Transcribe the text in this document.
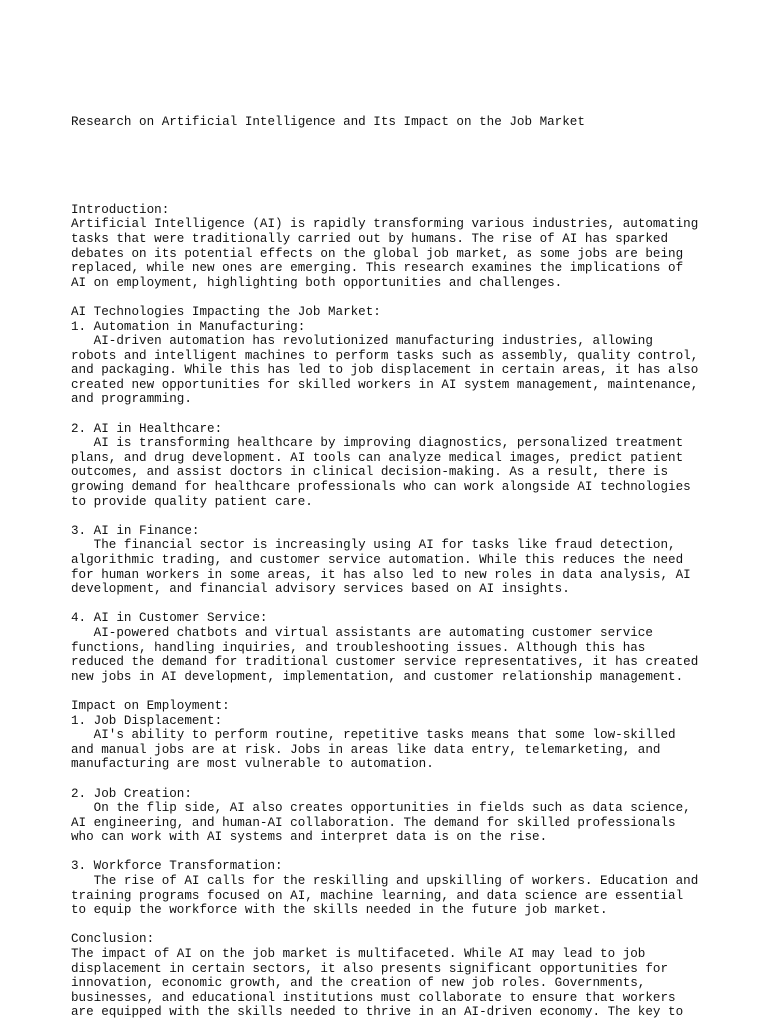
Research on Artificial Intelligence and Its Impact on the Job Market

Introduction:
Artificial Intelligence (AI) is rapidly transforming various industries, automating
tasks that were traditionally carried out by humans. The rise of AI has sparked
debates on its potential effects on the global job market, as some jobs are being
replaced, while new ones are emerging. This research examines the implications of
AI on employment, highlighting both opportunities and challenges.
AI Technologies Impacting the Job Market:
1. Automation in Manufacturing:
AI-driven automation has revolutionized manufacturing industries, allowing
robots and intelligent machines to perform tasks such as assembly, quality control,
and packaging. While this has led to job displacement in certain areas, it has also
created new opportunities for skilled workers in AI system management, maintenance,
and programming.
2. AI in Healthcare:
AI is transforming healthcare by improving diagnostics, personalized treatment
plans, and drug development. AI tools can analyze medical images, predict patient
outcomes, and assist doctors in clinical decision-making. As a result, there is
growing demand for healthcare professionals who can work alongside AI technologies
to provide quality patient care.
3. AI in Finance:
The financial sector is increasingly using AI for tasks like fraud detection,
algorithmic trading, and customer service automation. While this reduces the need
for human workers in some areas, it has also led to new roles in data analysis, AI
development, and financial advisory services based on AI insights.
4. AI in Customer Service:
AI-powered chatbots and virtual assistants are automating customer service
functions, handling inquiries, and troubleshooting issues. Although this has
reduced the demand for traditional customer service representatives, it has created
new jobs in AI development, implementation, and customer relationship management.
Impact on Employment:
1. Job Displacement:
AI's ability to perform routine, repetitive tasks means that some low-skilled
and manual jobs are at risk. Jobs in areas like data entry, telemarketing, and
manufacturing are most vulnerable to automation.
2. Job Creation:
On the flip side, AI also creates opportunities in fields such as data science,
AI engineering, and human-AI collaboration. The demand for skilled professionals
who can work with AI systems and interpret data is on the rise.
3. Workforce Transformation:
The rise of AI calls for the reskilling and upskilling of workers. Education and
training programs focused on AI, machine learning, and data science are essential
to equip the workforce with the skills needed in the future job market.
Conclusion:
The impact of AI on the job market is multifaceted. While AI may lead to job
displacement in certain sectors, it also presents significant opportunities for
innovation, economic growth, and the creation of new job roles. Governments,
businesses, and educational institutions must collaborate to ensure that workers
are equipped with the skills needed to thrive in an AI-driven economy. The key to
